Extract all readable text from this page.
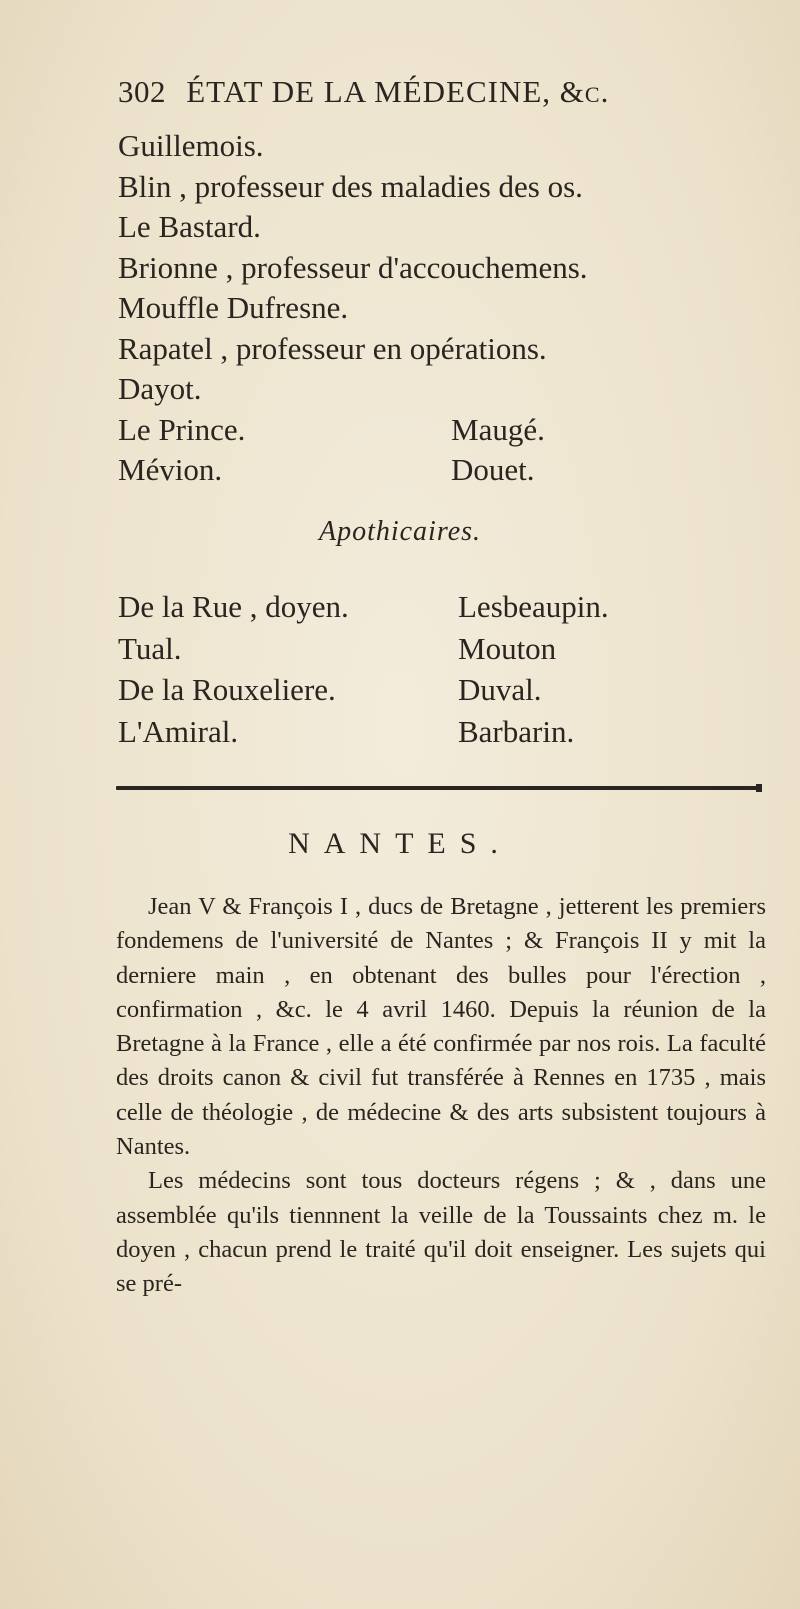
302 ÉTAT DE LA MÉDECINE, &c.
Guillemois.
Blin , professeur des maladies des os.
Le Bastard.
Brionne , professeur d'accouchemens.
Mouffle Dufresne.
Rapatel , professeur en opérations.
Dayot.
Le Prince.	Maugé.
Mévion.	Douet.
Apothicaires.
De la Rue , doyen.	Lesbeaupin.
Tual.	Mouton
De la Rouxeliere.	Duval.
L'Amiral.	Barbarin.
NANTES.

Jean V & François I , ducs de Bretagne , jetterent les premiers fondemens de l'université de Nantes ; & François II y mit la derniere main , en obtenant des bulles pour l'érection , confirmation , &c. le 4 avril 1460. Depuis la réunion de la Bretagne à la France , elle a été confirmée par nos rois. La faculté des droits canon & civil fut transférée à Rennes en 1735 , mais celle de théologie , de médecine & des arts subsistent toujours à Nantes.

Les médecins sont tous docteurs régens ; & , dans une assemblée qu'ils tiennnent la veille de la Toussaints chez m. le doyen , chacun prend le traité qu'il doit enseigner. Les sujets qui se pré-
